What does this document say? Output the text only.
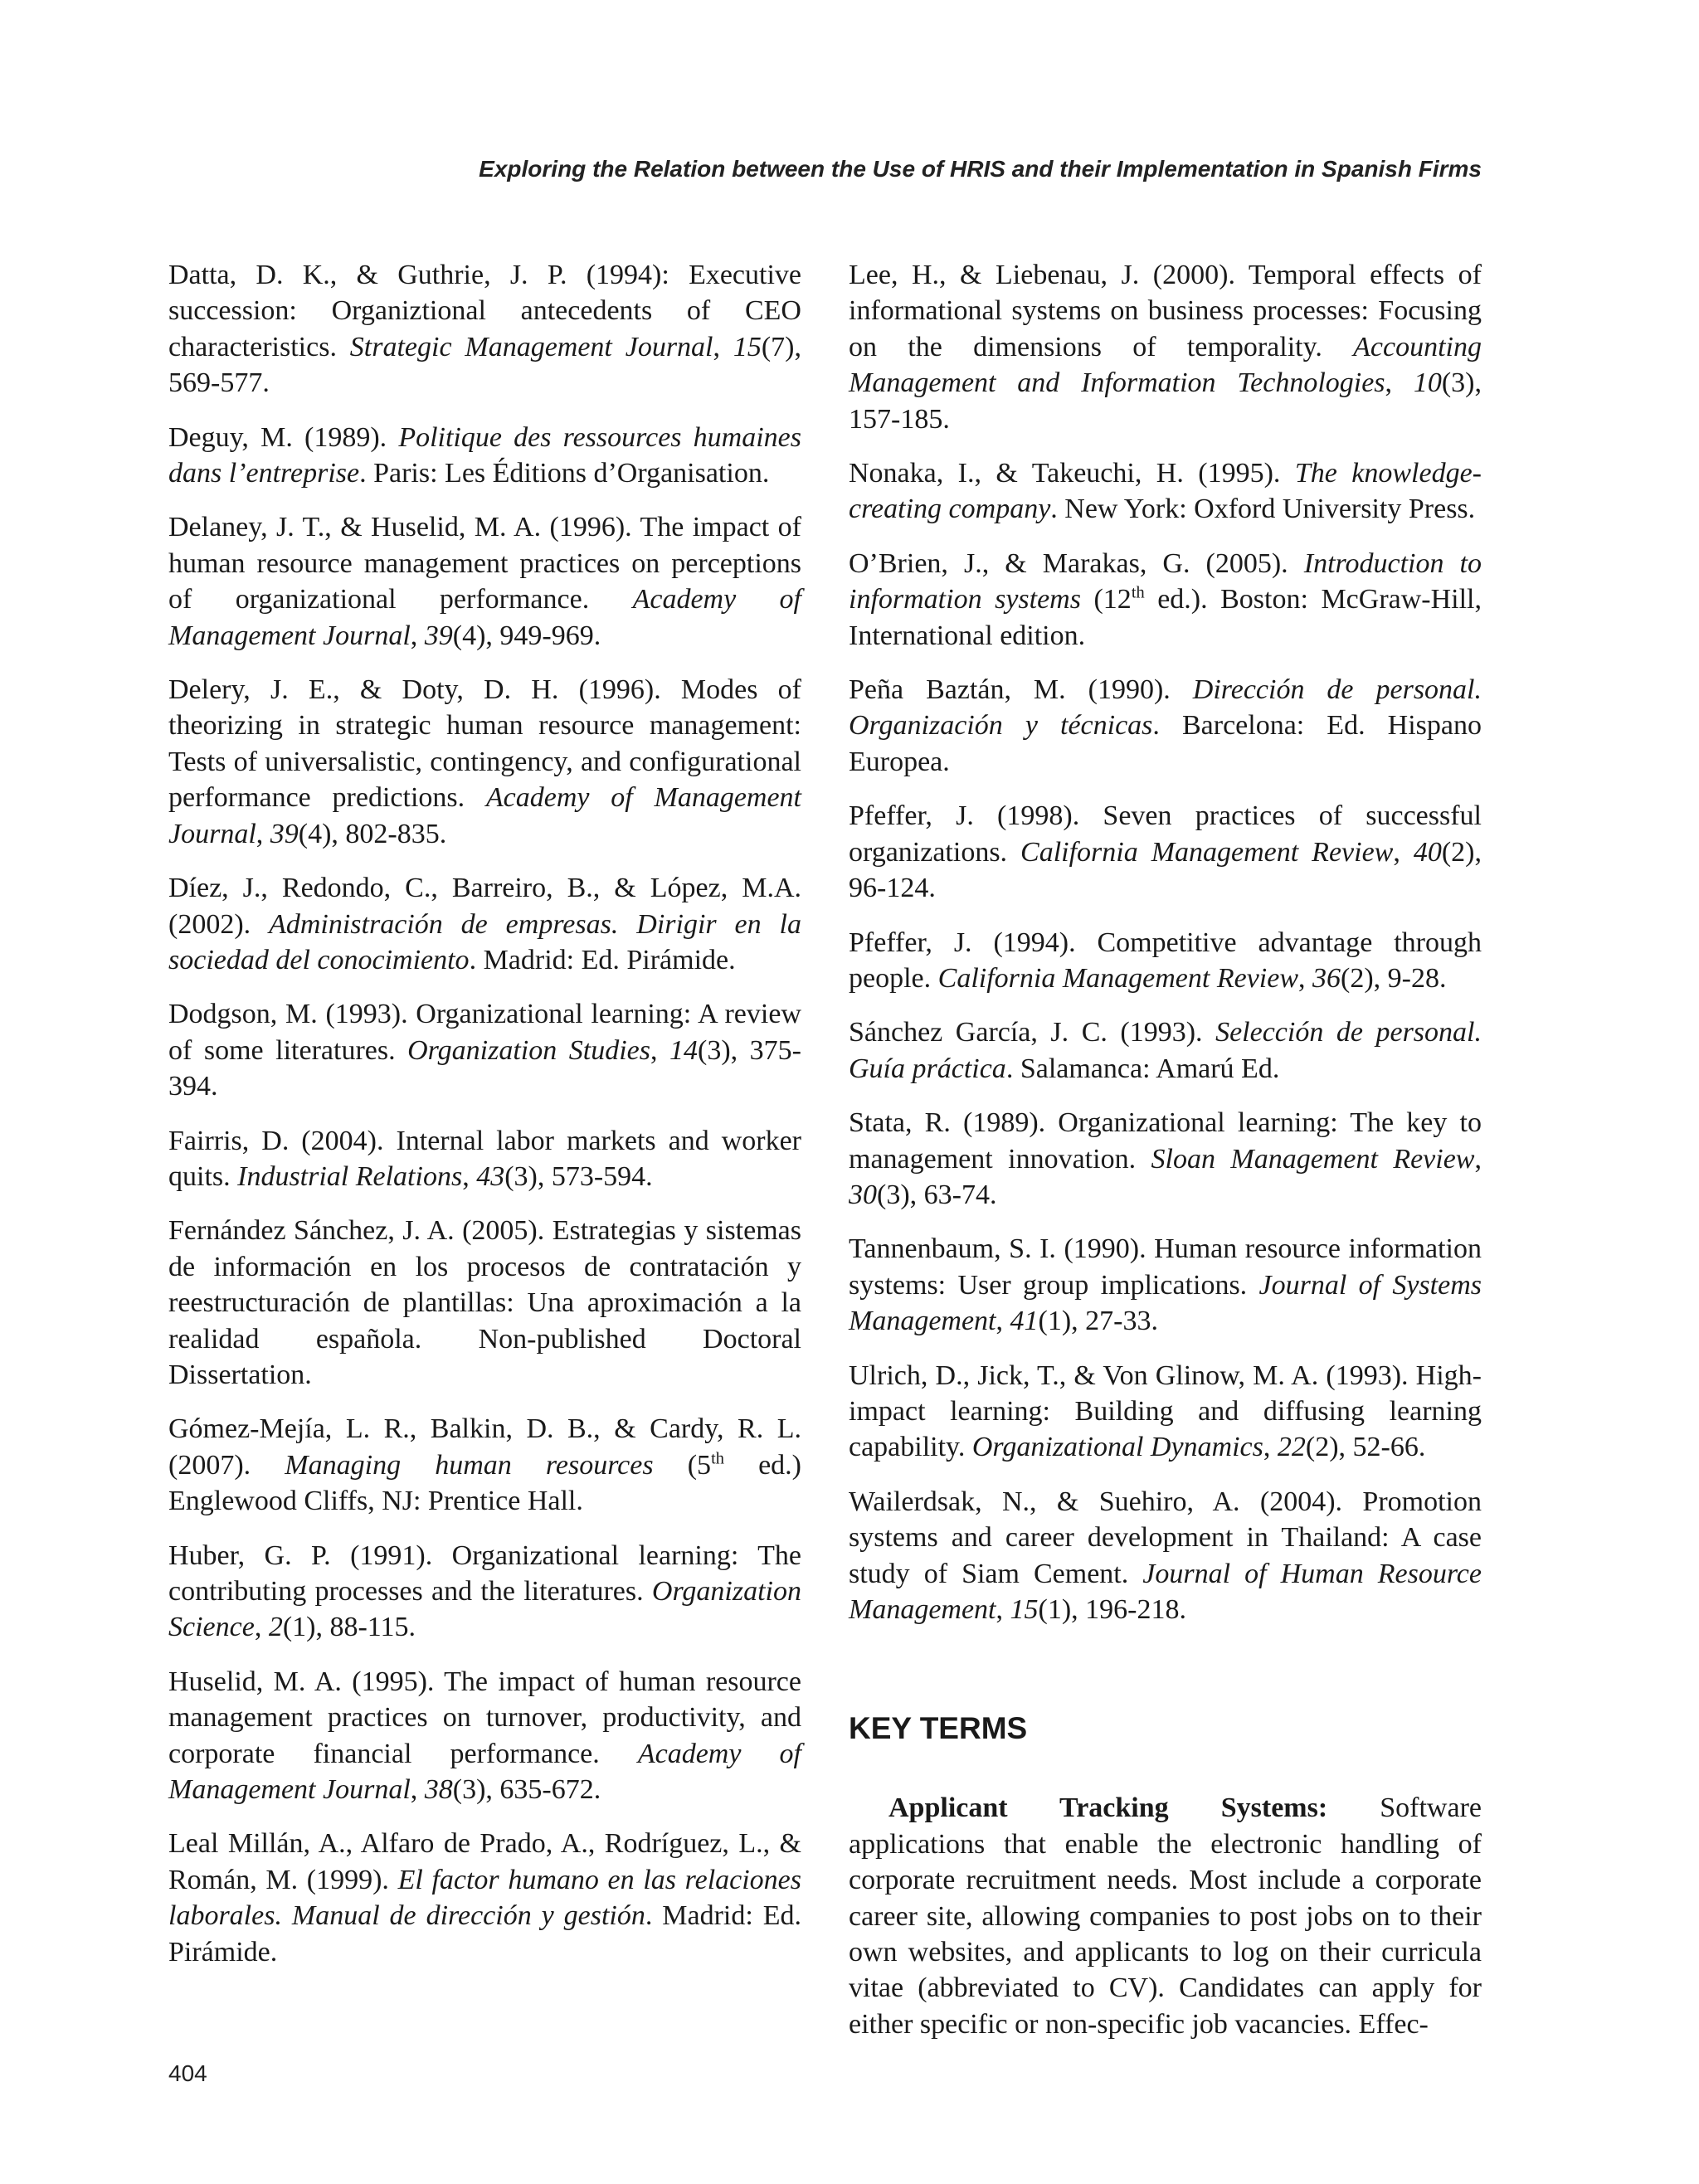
Exploring the Relation between the Use of HRIS and their Implementation in Spanish Firms

Datta, D. K., & Guthrie, J. P. (1994): Executive succession: Organiztional antecedents of CEO characteristics. Strategic Management Journal, 15(7), 569-577.

Deguy, M. (1989). Politique des ressources humaines dans l’entreprise. Paris: Les Éditions d’Organisation.

Delaney, J. T., & Huselid, M. A. (1996). The impact of human resource management practices on perceptions of organizational performance. Academy of Management Journal, 39(4), 949-969.

Delery, J. E., & Doty, D. H. (1996). Modes of theorizing in strategic human resource management: Tests of universalistic, contingency, and configurational performance predictions. Academy of Management Journal, 39(4), 802-835.

Díez, J., Redondo, C., Barreiro, B., & López, M.A. (2002). Administración de empresas. Dirigir en la sociedad del conocimiento. Madrid: Ed. Pirámide.

Dodgson, M. (1993). Organizational learning: A review of some literatures. Organization Studies, 14(3), 375-394.

Fairris, D. (2004). Internal labor markets and worker quits. Industrial Relations, 43(3), 573-594.

Fernández Sánchez, J. A. (2005). Estrategias y sistemas de información en los procesos de contratación y reestructuración de plantillas: Una aproximación a la realidad española. Non-published Doctoral Dissertation.

Gómez-Mejía, L. R., Balkin, D. B., & Cardy, R. L. (2007). Managing human resources (5th ed.) Englewood Cliffs, NJ: Prentice Hall.

Huber, G. P. (1991). Organizational learning: The contributing processes and the literatures. Organization Science, 2(1), 88-115.

Huselid, M. A. (1995). The impact of human resource management practices on turnover, productivity, and corporate financial performance. Academy of Management Journal, 38(3), 635-672.

Leal Millán, A., Alfaro de Prado, A., Rodríguez, L., & Román, M. (1999). El factor humano en las relaciones laborales. Manual de dirección y gestión. Madrid: Ed. Pirámide.

Lee, H., & Liebenau, J. (2000). Temporal effects of informational systems on business processes: Focusing on the dimensions of temporality. Accounting Management and Information Technologies, 10(3), 157-185.

Nonaka, I., & Takeuchi, H. (1995). The knowledge-creating company. New York: Oxford University Press.

O’Brien, J., & Marakas, G. (2005). Introduction to information systems (12th ed.). Boston: McGraw-Hill, International edition.

Peña Baztán, M. (1990). Dirección de personal. Organización y técnicas. Barcelona: Ed. Hispano Europea.

Pfeffer, J. (1998). Seven practices of successful organizations. California Management Review, 40(2), 96-124.

Pfeffer, J. (1994). Competitive advantage through people. California Management Review, 36(2), 9-28.

Sánchez García, J. C. (1993). Selección de personal. Guía práctica. Salamanca: Amarú Ed.

Stata, R. (1989). Organizational learning: The key to management innovation. Sloan Management Review, 30(3), 63-74.

Tannenbaum, S. I. (1990). Human resource information systems: User group implications. Journal of Systems Management, 41(1), 27-33.

Ulrich, D., Jick, T., & Von Glinow, M. A. (1993). High-impact learning: Building and diffusing learning capability. Organizational Dynamics, 22(2), 52-66.

Wailerdsak, N., & Suehiro, A. (2004). Promotion systems and career development in Thailand: A case study of Siam Cement. Journal of Human Resource Management, 15(1), 196-218.

KEY TERMS

Applicant Tracking Systems: Software applications that enable the electronic handling of corporate recruitment needs. Most include a corporate career site, allowing companies to post jobs on to their own websites, and applicants to log on their curricula vitae (abbreviated to CV). Candidates can apply for either specific or non-specific job vacancies. Effec-

404
